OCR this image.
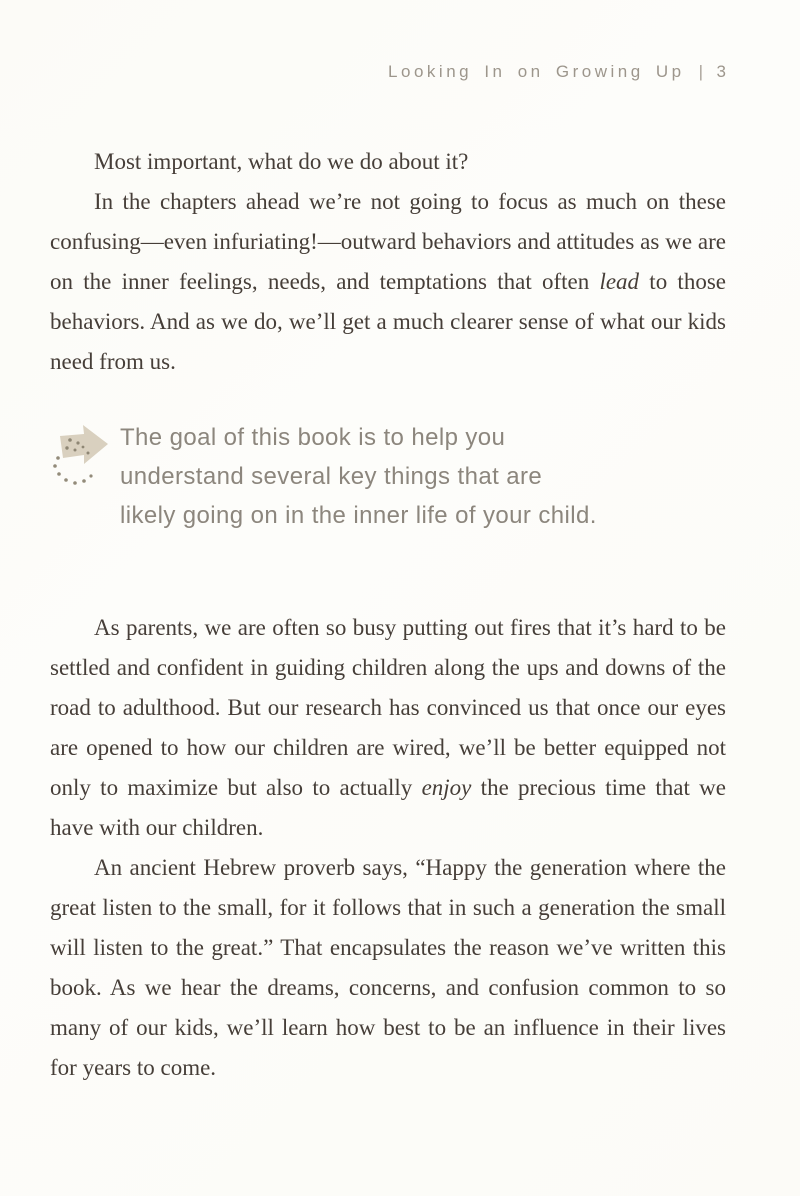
Looking In on Growing Up | 3

Most important, what do we do about it?

In the chapters ahead we’re not going to focus as much on these confusing—even infuriating!—outward behaviors and attitudes as we are on the inner feelings, needs, and temptations that often lead to those behaviors. And as we do, we’ll get a much clearer sense of what our kids need from us.

The goal of this book is to help you understand several key things that are likely going on in the inner life of your child.

As parents, we are often so busy putting out fires that it’s hard to be settled and confident in guiding children along the ups and downs of the road to adulthood. But our research has convinced us that once our eyes are opened to how our children are wired, we’ll be better equipped not only to maximize but also to actually enjoy the precious time that we have with our children.

An ancient Hebrew proverb says, “Happy the generation where the great listen to the small, for it follows that in such a generation the small will listen to the great.” That encapsulates the reason we’ve written this book. As we hear the dreams, concerns, and confusion common to so many of our kids, we’ll learn how best to be an influence in their lives for years to come.
